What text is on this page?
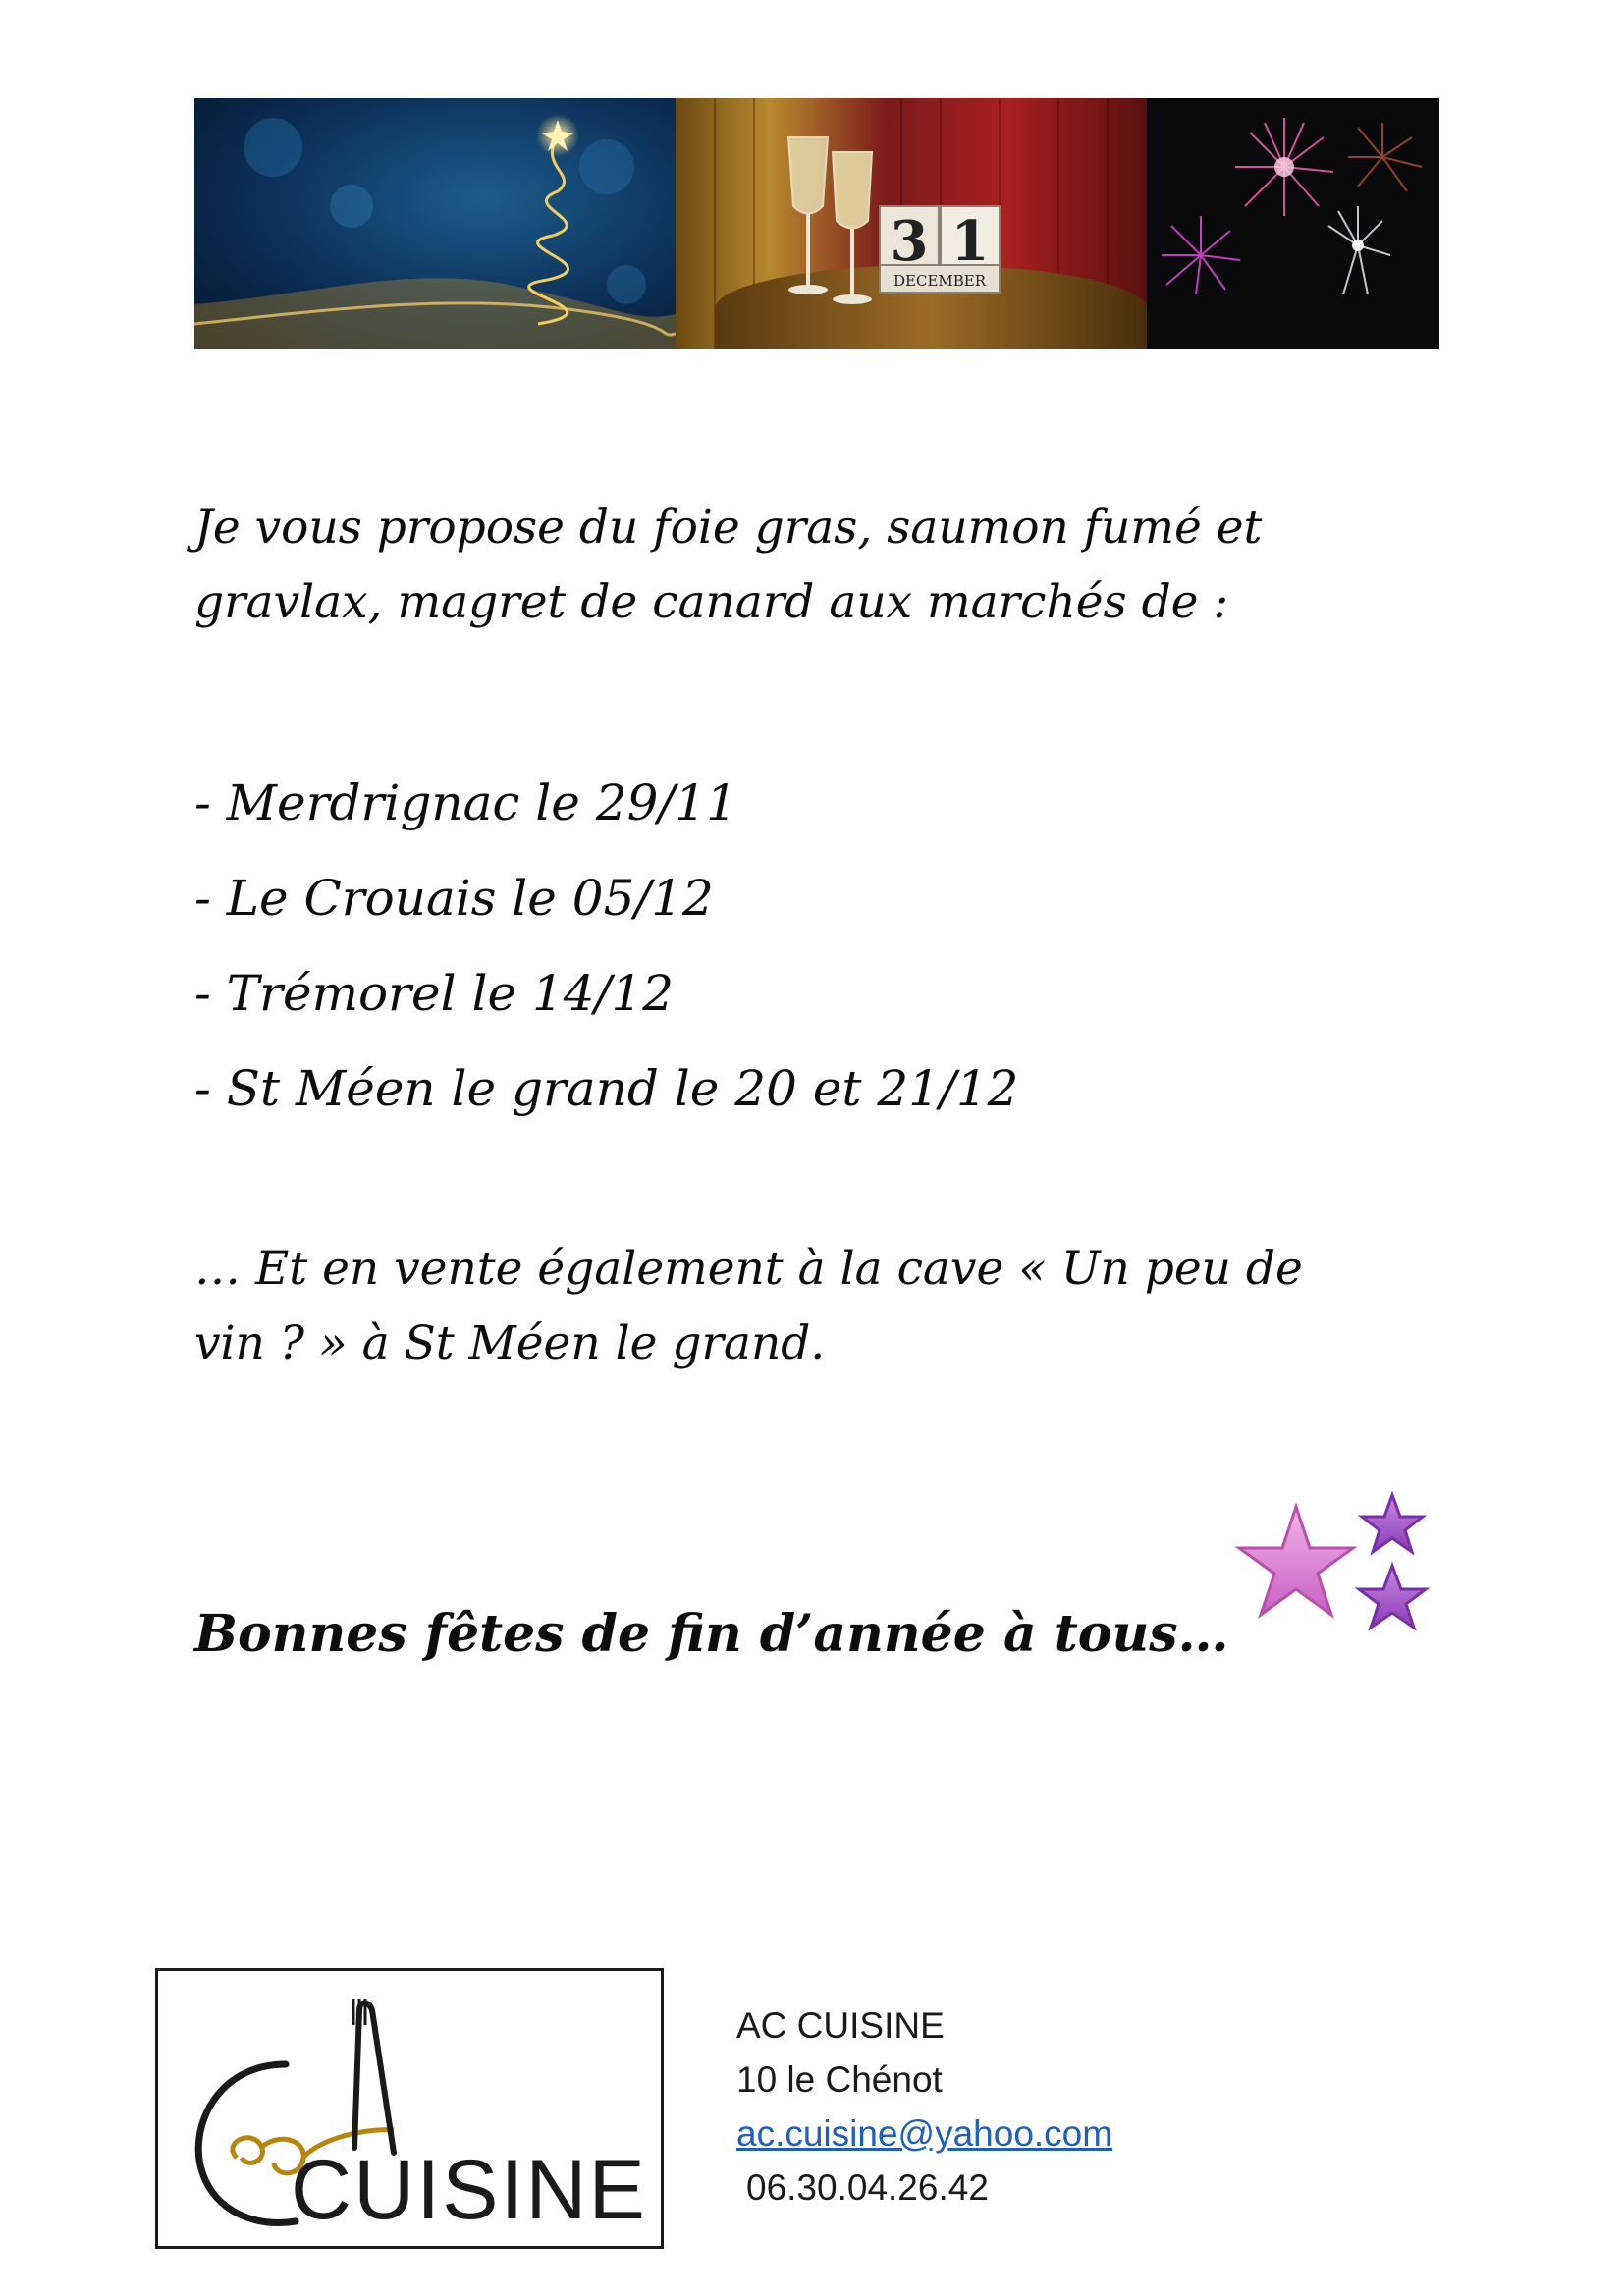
3 1
DECEMBER

Je vous propose du foie gras, saumon fumé et gravlax, magret de canard aux marchés de :

- Merdrignac le 29/11
- Le Crouais le 05/12
- Trémorel le 14/12
- St Méen le grand le 20 et 21/12

… Et en vente également à la cave « Un peu de vin ? » à St Méen le grand.

Bonnes fêtes de fin d’année à tous…

CUISINE
AC CUISINE
10 le Chénot
ac.cuisine@yahoo.com
06.30.04.26.42
